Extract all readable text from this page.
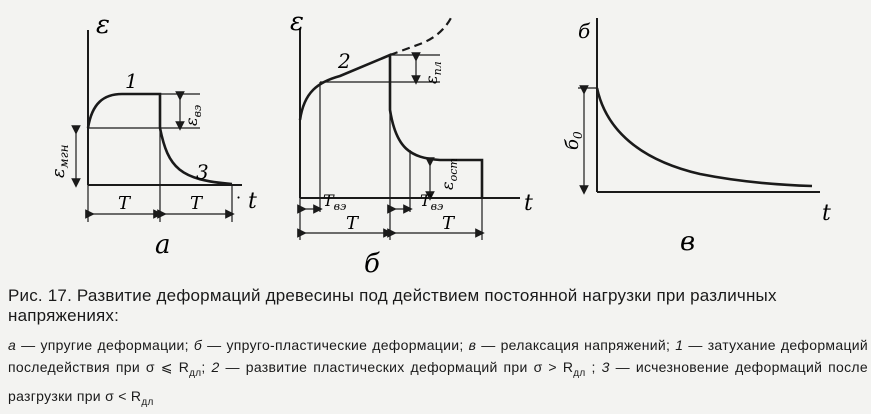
ε
t
·
1
3
$\varepsilon_{вэ}$
$\varepsilon_{мгн}$
T	T
а
ε
t
2
$\varepsilon_{пл}$
$\varepsilon_{ост}$
$T_{вэ}$	$T_{вэ}$
T	T
б
б
t
$б_0$
в
Рис. 17. Развитие деформаций древесины под действием постоянной нагрузки при различных напряжениях:
а — упругие деформации; б — упруго-пластические деформации; в — релаксация напряжений; 1 — затухание деформаций последействия при σ ⩽ $R_{дл}$; 2 — развитие пластических деформаций при $\sigma > R_{дл}$ ; 3 — исчезновение деформаций после разгрузки при $\sigma < R_{дл}$
